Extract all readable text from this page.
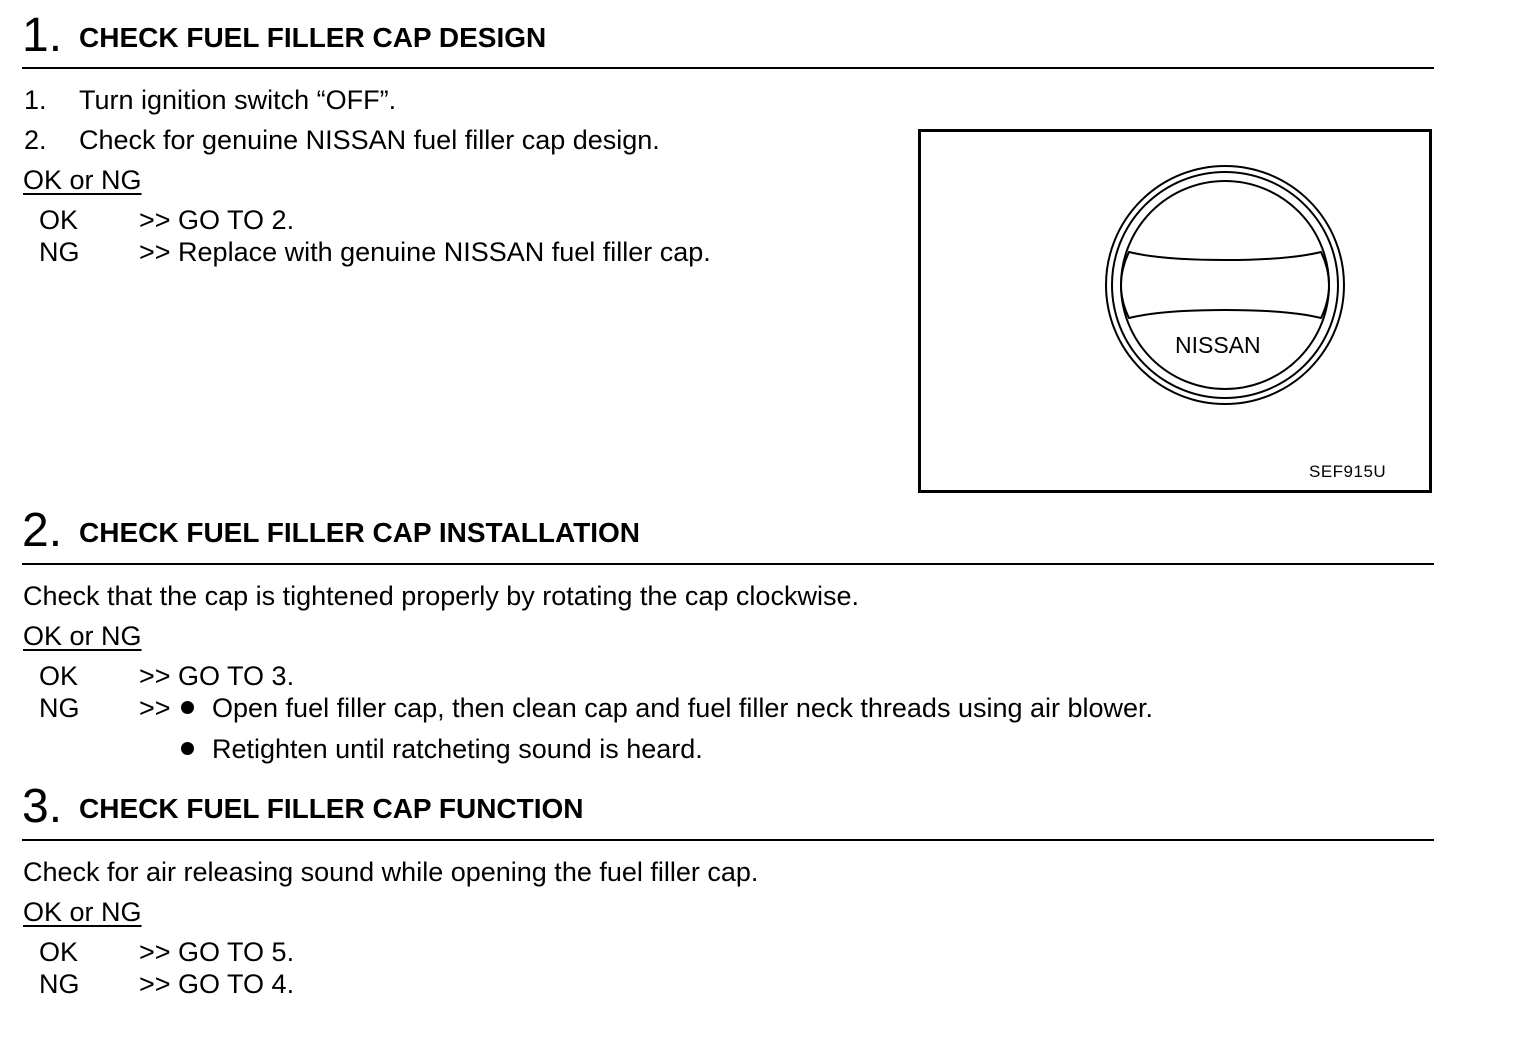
1. CHECK FUEL FILLER CAP DESIGN
1. Turn ignition switch “OFF”.
2. Check for genuine NISSAN fuel filler cap design.
OK or NG
OK >> GO TO 2.
NG >> Replace with genuine NISSAN fuel filler cap.
NISSAN
SEF915U
2. CHECK FUEL FILLER CAP INSTALLATION
Check that the cap is tightened properly by rotating the cap clockwise.
OK or NG
OK >> GO TO 3.
NG >>	Open fuel filler cap, then clean cap and fuel filler neck threads using air blower.
Retighten until ratcheting sound is heard.
3. CHECK FUEL FILLER CAP FUNCTION
Check for air releasing sound while opening the fuel filler cap.
OK or NG
OK >> GO TO 5.
NG >> GO TO 4.
